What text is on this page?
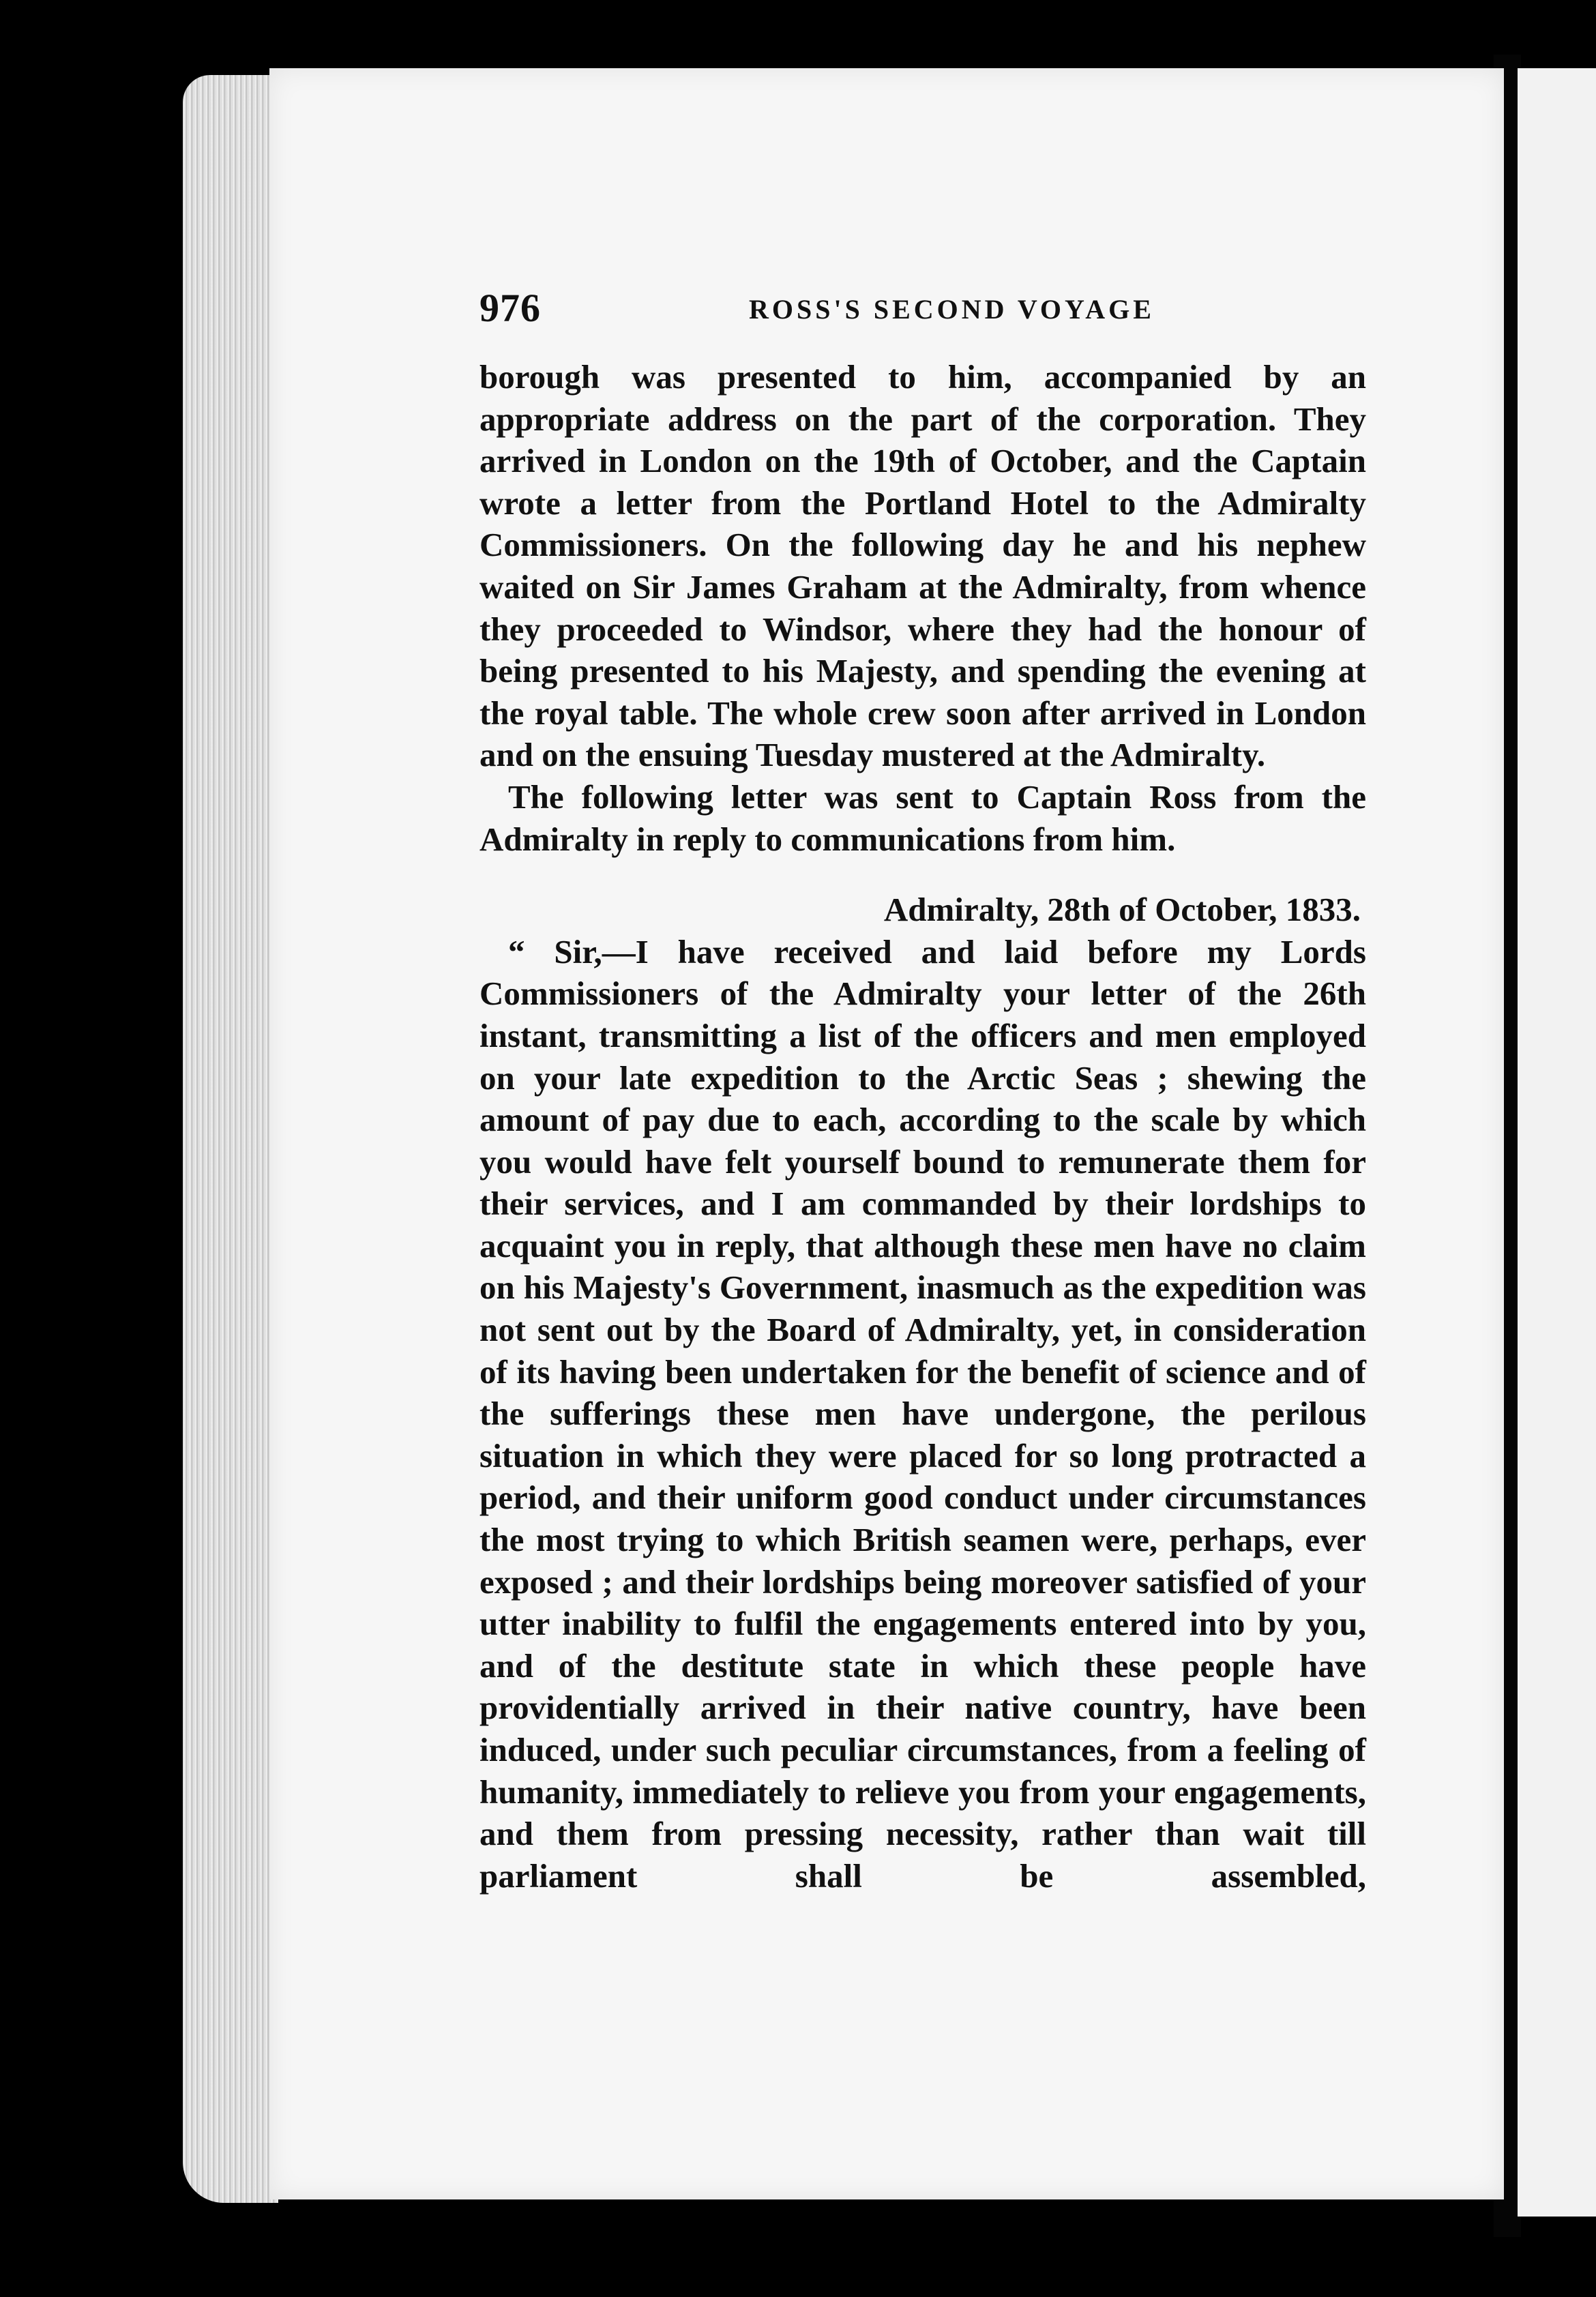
976	ROSS'S SECOND VOYAGE

borough was presented to him, accompanied by an appropriate address on the part of the corporation. They arrived in London on the 19th of October, and the Captain wrote a letter from the Portland Hotel to the Admiralty Commissioners. On the following day he and his nephew waited on Sir James Graham at the Admiralty, from whence they proceeded to Windsor, where they had the honour of being presented to his Majesty, and spending the evening at the royal table. The whole crew soon after arrived in London and on the ensuing Tuesday mustered at the Admiralty.

The following letter was sent to Captain Ross from the Admiralty in reply to communications from him.

Admiralty, 28th of October, 1833.

“ Sir,—I have received and laid before my Lords Commissioners of the Admiralty your letter of the 26th instant, transmitting a list of the officers and men employed on your late expedition to the Arctic Seas ; shewing the amount of pay due to each, according to the scale by which you would have felt yourself bound to remunerate them for their services, and I am commanded by their lordships to acquaint you in reply, that although these men have no claim on his Majesty's Government, inasmuch as the expedition was not sent out by the Board of Admiralty, yet, in consideration of its having been undertaken for the benefit of science and of the sufferings these men have undergone, the perilous situation in which they were placed for so long protracted a period, and their uniform good conduct under circumstances the most trying to which British seamen were, perhaps, ever exposed ; and their lordships being moreover satisfied of your utter inability to fulfil the engagements entered into by you, and of the destitute state in which these people have providentially arrived in their native country, have been induced, under such peculiar circumstances, from a feeling of humanity, immediately to relieve you from your engagements, and them from pressing necessity, rather than wait till parliament shall be assembled,
